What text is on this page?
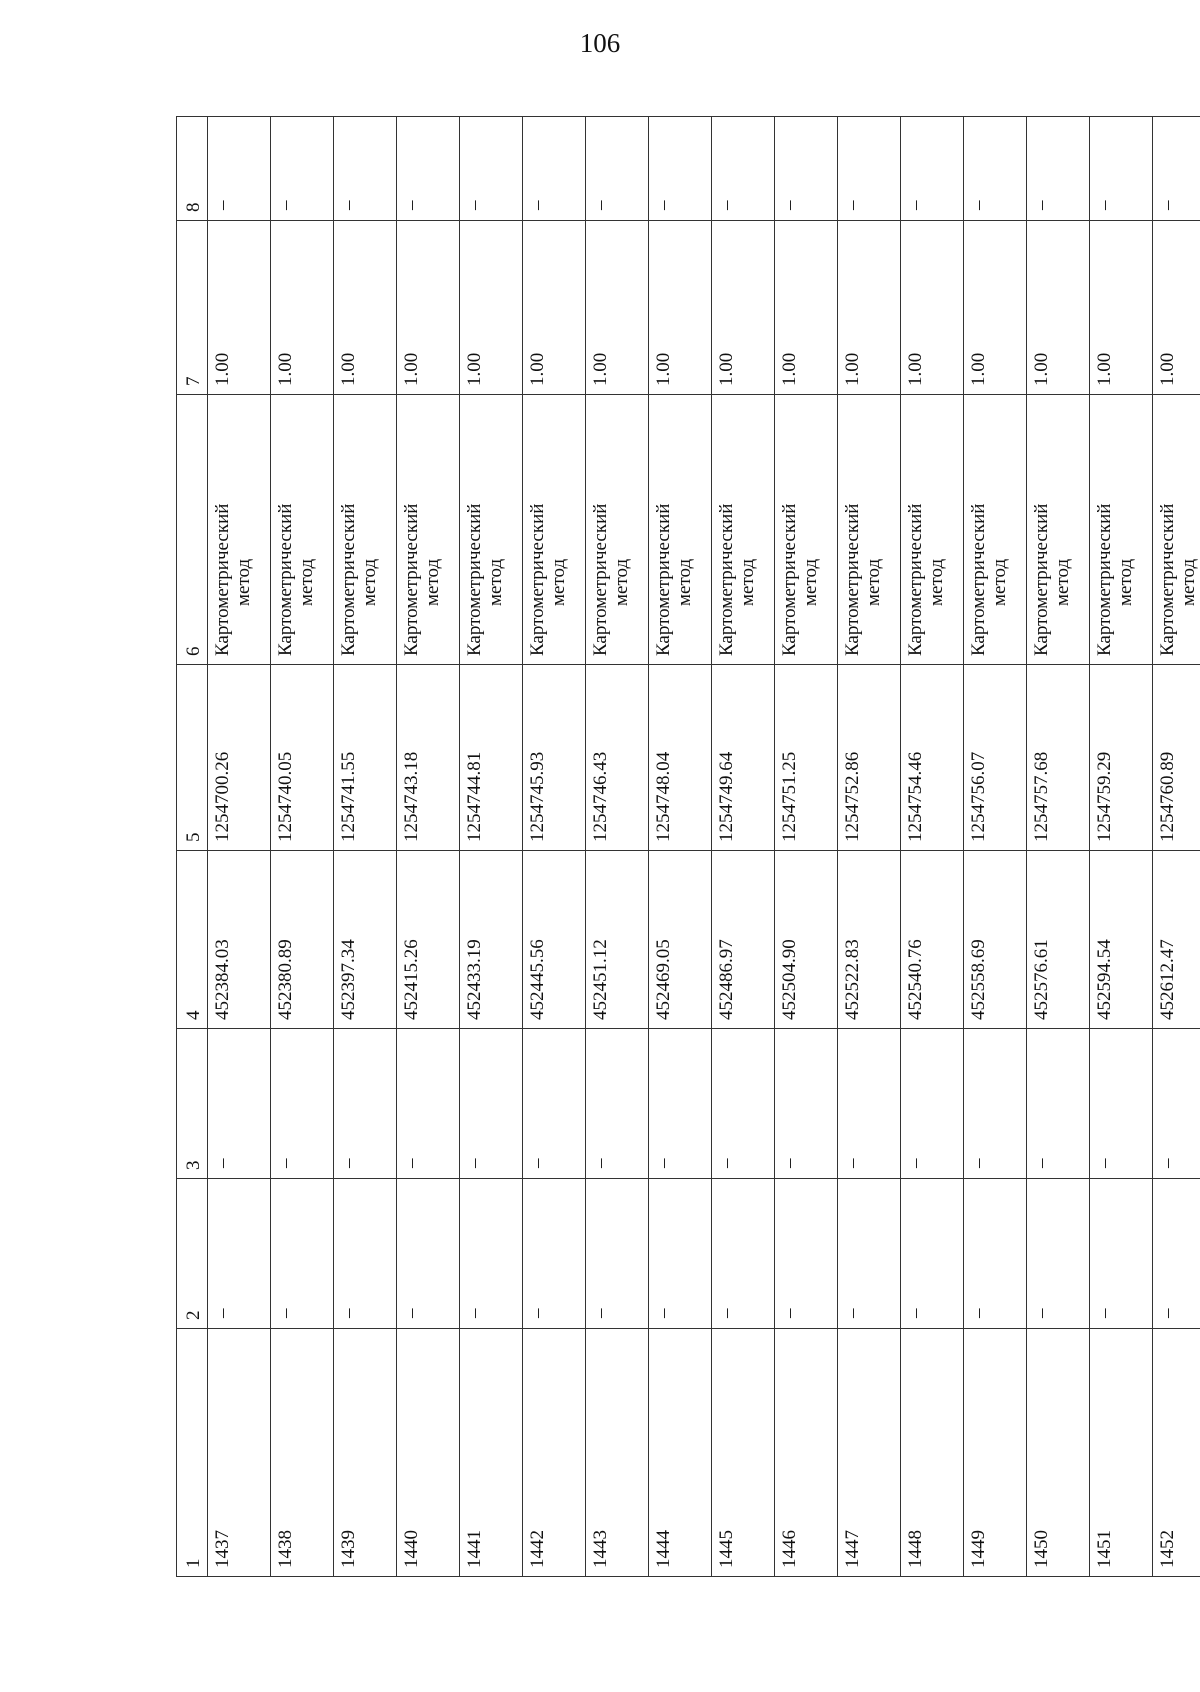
106
1	2	3	4	5	6	7	8
1437	–	–	452384.03	1254700.26	Картометрический метод	1.00	–
1438	–	–	452380.89	1254740.05	Картометрический метод	1.00	–
1439	–	–	452397.34	1254741.55	Картометрический метод	1.00	–
1440	–	–	452415.26	1254743.18	Картометрический метод	1.00	–
1441	–	–	452433.19	1254744.81	Картометрический метод	1.00	–
1442	–	–	452445.56	1254745.93	Картометрический метод	1.00	–
1443	–	–	452451.12	1254746.43	Картометрический метод	1.00	–
1444	–	–	452469.05	1254748.04	Картометрический метод	1.00	–
1445	–	–	452486.97	1254749.64	Картометрический метод	1.00	–
1446	–	–	452504.90	1254751.25	Картометрический метод	1.00	–
1447	–	–	452522.83	1254752.86	Картометрический метод	1.00	–
1448	–	–	452540.76	1254754.46	Картометрический метод	1.00	–
1449	–	–	452558.69	1254756.07	Картометрический метод	1.00	–
1450	–	–	452576.61	1254757.68	Картометрический метод	1.00	–
1451	–	–	452594.54	1254759.29	Картометрический метод	1.00	–
1452	–	–	452612.47	1254760.89	Картометрический метод	1.00	–
